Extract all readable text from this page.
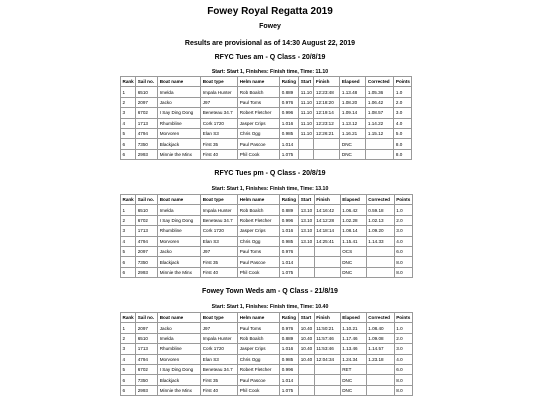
Fowey Royal Regatta 2019
Fowey
Results are provisional as of 14:30 August 22, 2019
RFYC Tues am - Q Class - 20/8/19
Start: Start 1, Finishes: Finish time, Time: 11.10
Rank	Sail no.	Boat name	Boat type	Helm name	Rating	Start	Finish	Elapsed	Corrected	Points
1	6510	Imelda	Impala Hunter	Rob Boalch	0.889	11.10	12:23:48	1.13.48	1.05.36	1.0
2	2097	Jacko	J97	Paul Toms	0.976	11.10	12:18:20	1.08.20	1.06.42	2.0
3	6702	I Say Ding Dong	Beneteau 34.7	Robert Fletcher	0.996	11.10	12:19:14	1.09.14	1.08.57	3.0
4	1713	Rhumbline	Cork 1720	Jasper Crips	1.016	11.10	12:23:12	1.13.12	1.14.22	4.0
5	4794	Morvoren	Elan S3	Chris Ogg	0.985	11.10	12:26:21	1.16.21	1.15.12	5.0
6	7350	Blackjack	First 35	Paul Pascoe	1.014			DNC		8.0
6	2993	Minnie the Minx	First 40	Phil Cook	1.075			DNC		8.0
RFYC Tues pm - Q Class - 20/8/19
Start: Start 1, Finishes: Finish time, Time: 13.10
Rank	Sail no.	Boat name	Boat type	Helm name	Rating	Start	Finish	Elapsed	Corrected	Points
1	6510	Imelda	Impala Hunter	Rob Boalch	0.889	13.10	14:16:42	1.06.42	0.59.18	1.0
2	6702	I Say Ding Dong	Beneteau 34.7	Robert Fletcher	0.996	13.10	14:12:28	1.02.28	1.02.13	2.0
3	1713	Rhumbline	Cork 1720	Jasper Crips	1.016	13.10	14:18:14	1.08.14	1.09.20	3.0
4	4794	Morvoren	Elan S3	Chris Ogg	0.985	13.10	14:25:41	1.15.41	1.14.33	4.0
5	2097	Jacko	J97	Paul Toms	0.976			OCS		6.0
6	7350	Blackjack	First 35	Paul Pascoe	1.014			DNC		8.0
6	2993	Minnie the Minx	First 40	Phil Cook	1.075			DNC		8.0
Fowey Town Weds am - Q Class - 21/8/19
Start: Start 1, Finishes: Finish time, Time: 10.40
Rank	Sail no.	Boat name	Boat type	Helm name	Rating	Start	Finish	Elapsed	Corrected	Points
1	2097	Jacko	J97	Paul Toms	0.976	10.40	11:50:21	1.10.21	1.08.40	1.0
2	6510	Imelda	Impala Hunter	Rob Boalch	0.889	10.40	11:57:46	1.17.46	1.09.08	2.0
3	1713	Rhumbline	Cork 1720	Jasper Crips	1.016	10.40	11:53:46	1.13.46	1.14.57	3.0
4	4794	Morvoren	Elan S3	Chris Ogg	0.985	10.40	12:04:34	1.24.34	1.23.18	4.0
5	6702	I Say Ding Dong	Beneteau 34.7	Robert Fletcher	0.996			RET		6.0
6	7350	Blackjack	First 35	Paul Pascoe	1.014			DNC		8.0
6	2993	Minnie the Minx	First 40	Phil Cook	1.075			DNC		8.0
